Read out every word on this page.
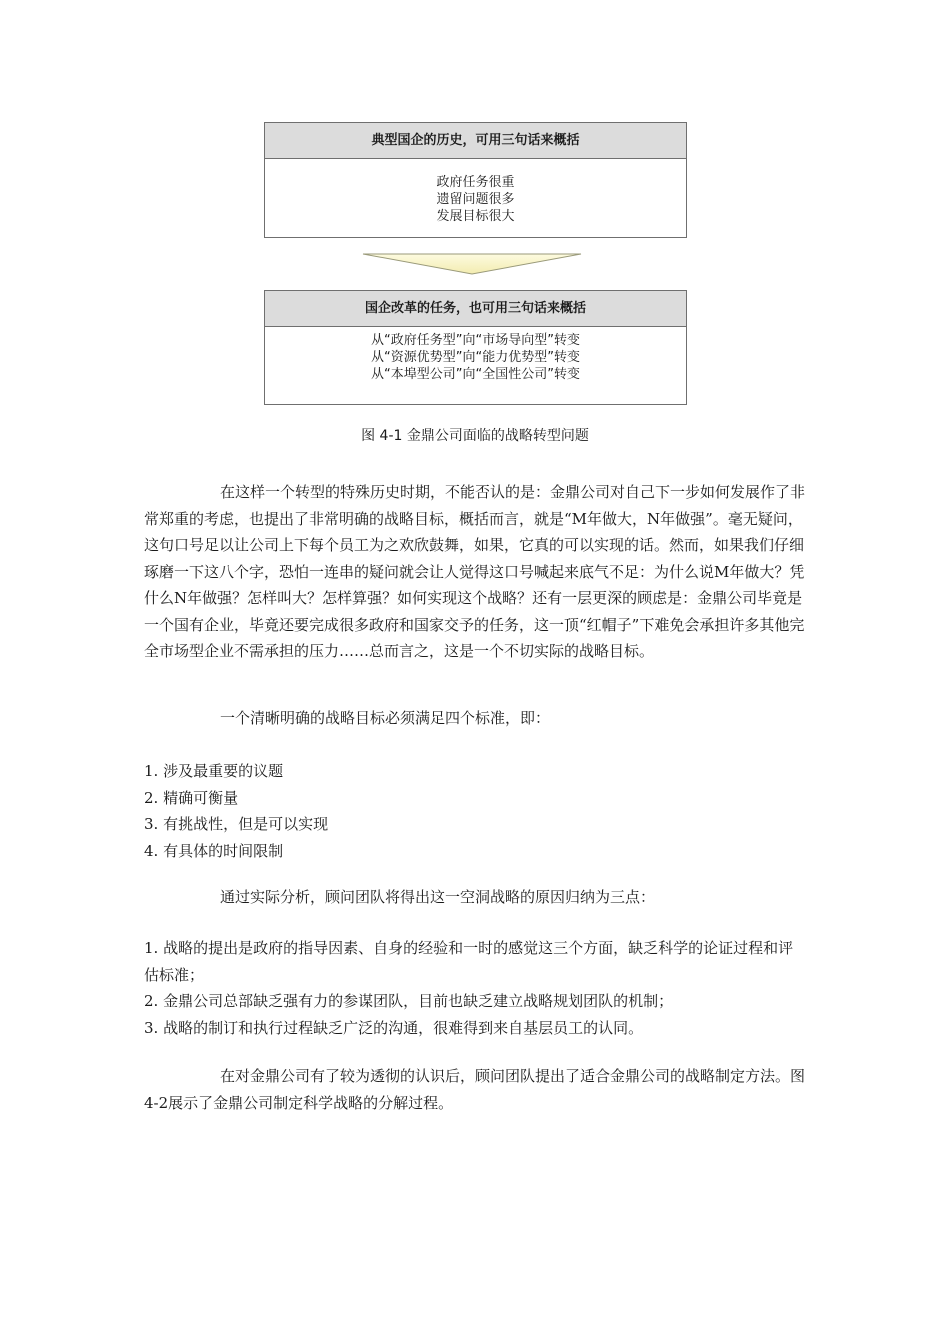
典型国企的历史，可用三句话来概括
政府任务很重
遗留问题很多
发展目标很大
国企改革的任务，也可用三句话来概括
从“政府任务型”向“市场导向型”转变
从“资源优势型”向“能力优势型”转变
从“本埠型公司”向“全国性公司”转变
图 4-1 金鼎公司面临的战略转型问题

在这样一个转型的特殊历史时期，不能否认的是：金鼎公司对自己下一步如何发展作了非常郑重的考虑，也提出了非常明确的战略目标，概括而言，就是“M年做大，N年做强”。毫无疑问，这句口号足以让公司上下每个员工为之欢欣鼓舞，如果，它真的可以实现的话。然而，如果我们仔细琢磨一下这八个字，恐怕一连串的疑问就会让人觉得这口号喊起来底气不足：为什么说M年做大？凭什么N年做强？怎样叫大？怎样算强？如何实现这个战略？还有一层更深的顾虑是：金鼎公司毕竟是一个国有企业，毕竟还要完成很多政府和国家交予的任务，这一顶“红帽子”下难免会承担许多其他完全市场型企业不需承担的压力……总而言之，这是一个不切实际的战略目标。

一个清晰明确的战略目标必须满足四个标准，即：

1. 涉及最重要的议题

2. 精确可衡量

3. 有挑战性，但是可以实现

4. 有具体的时间限制

通过实际分析，顾问团队将得出这一空洞战略的原因归纳为三点：

1. 战略的提出是政府的指导因素、自身的经验和一时的感觉这三个方面，缺乏科学的论证过程和评估标准；

2. 金鼎公司总部缺乏强有力的参谋团队，目前也缺乏建立战略规划团队的机制；

3. 战略的制订和执行过程缺乏广泛的沟通，很难得到来自基层员工的认同。

在对金鼎公司有了较为透彻的认识后，顾问团队提出了适合金鼎公司的战略制定方法。图4-2展示了金鼎公司制定科学战略的分解过程。
